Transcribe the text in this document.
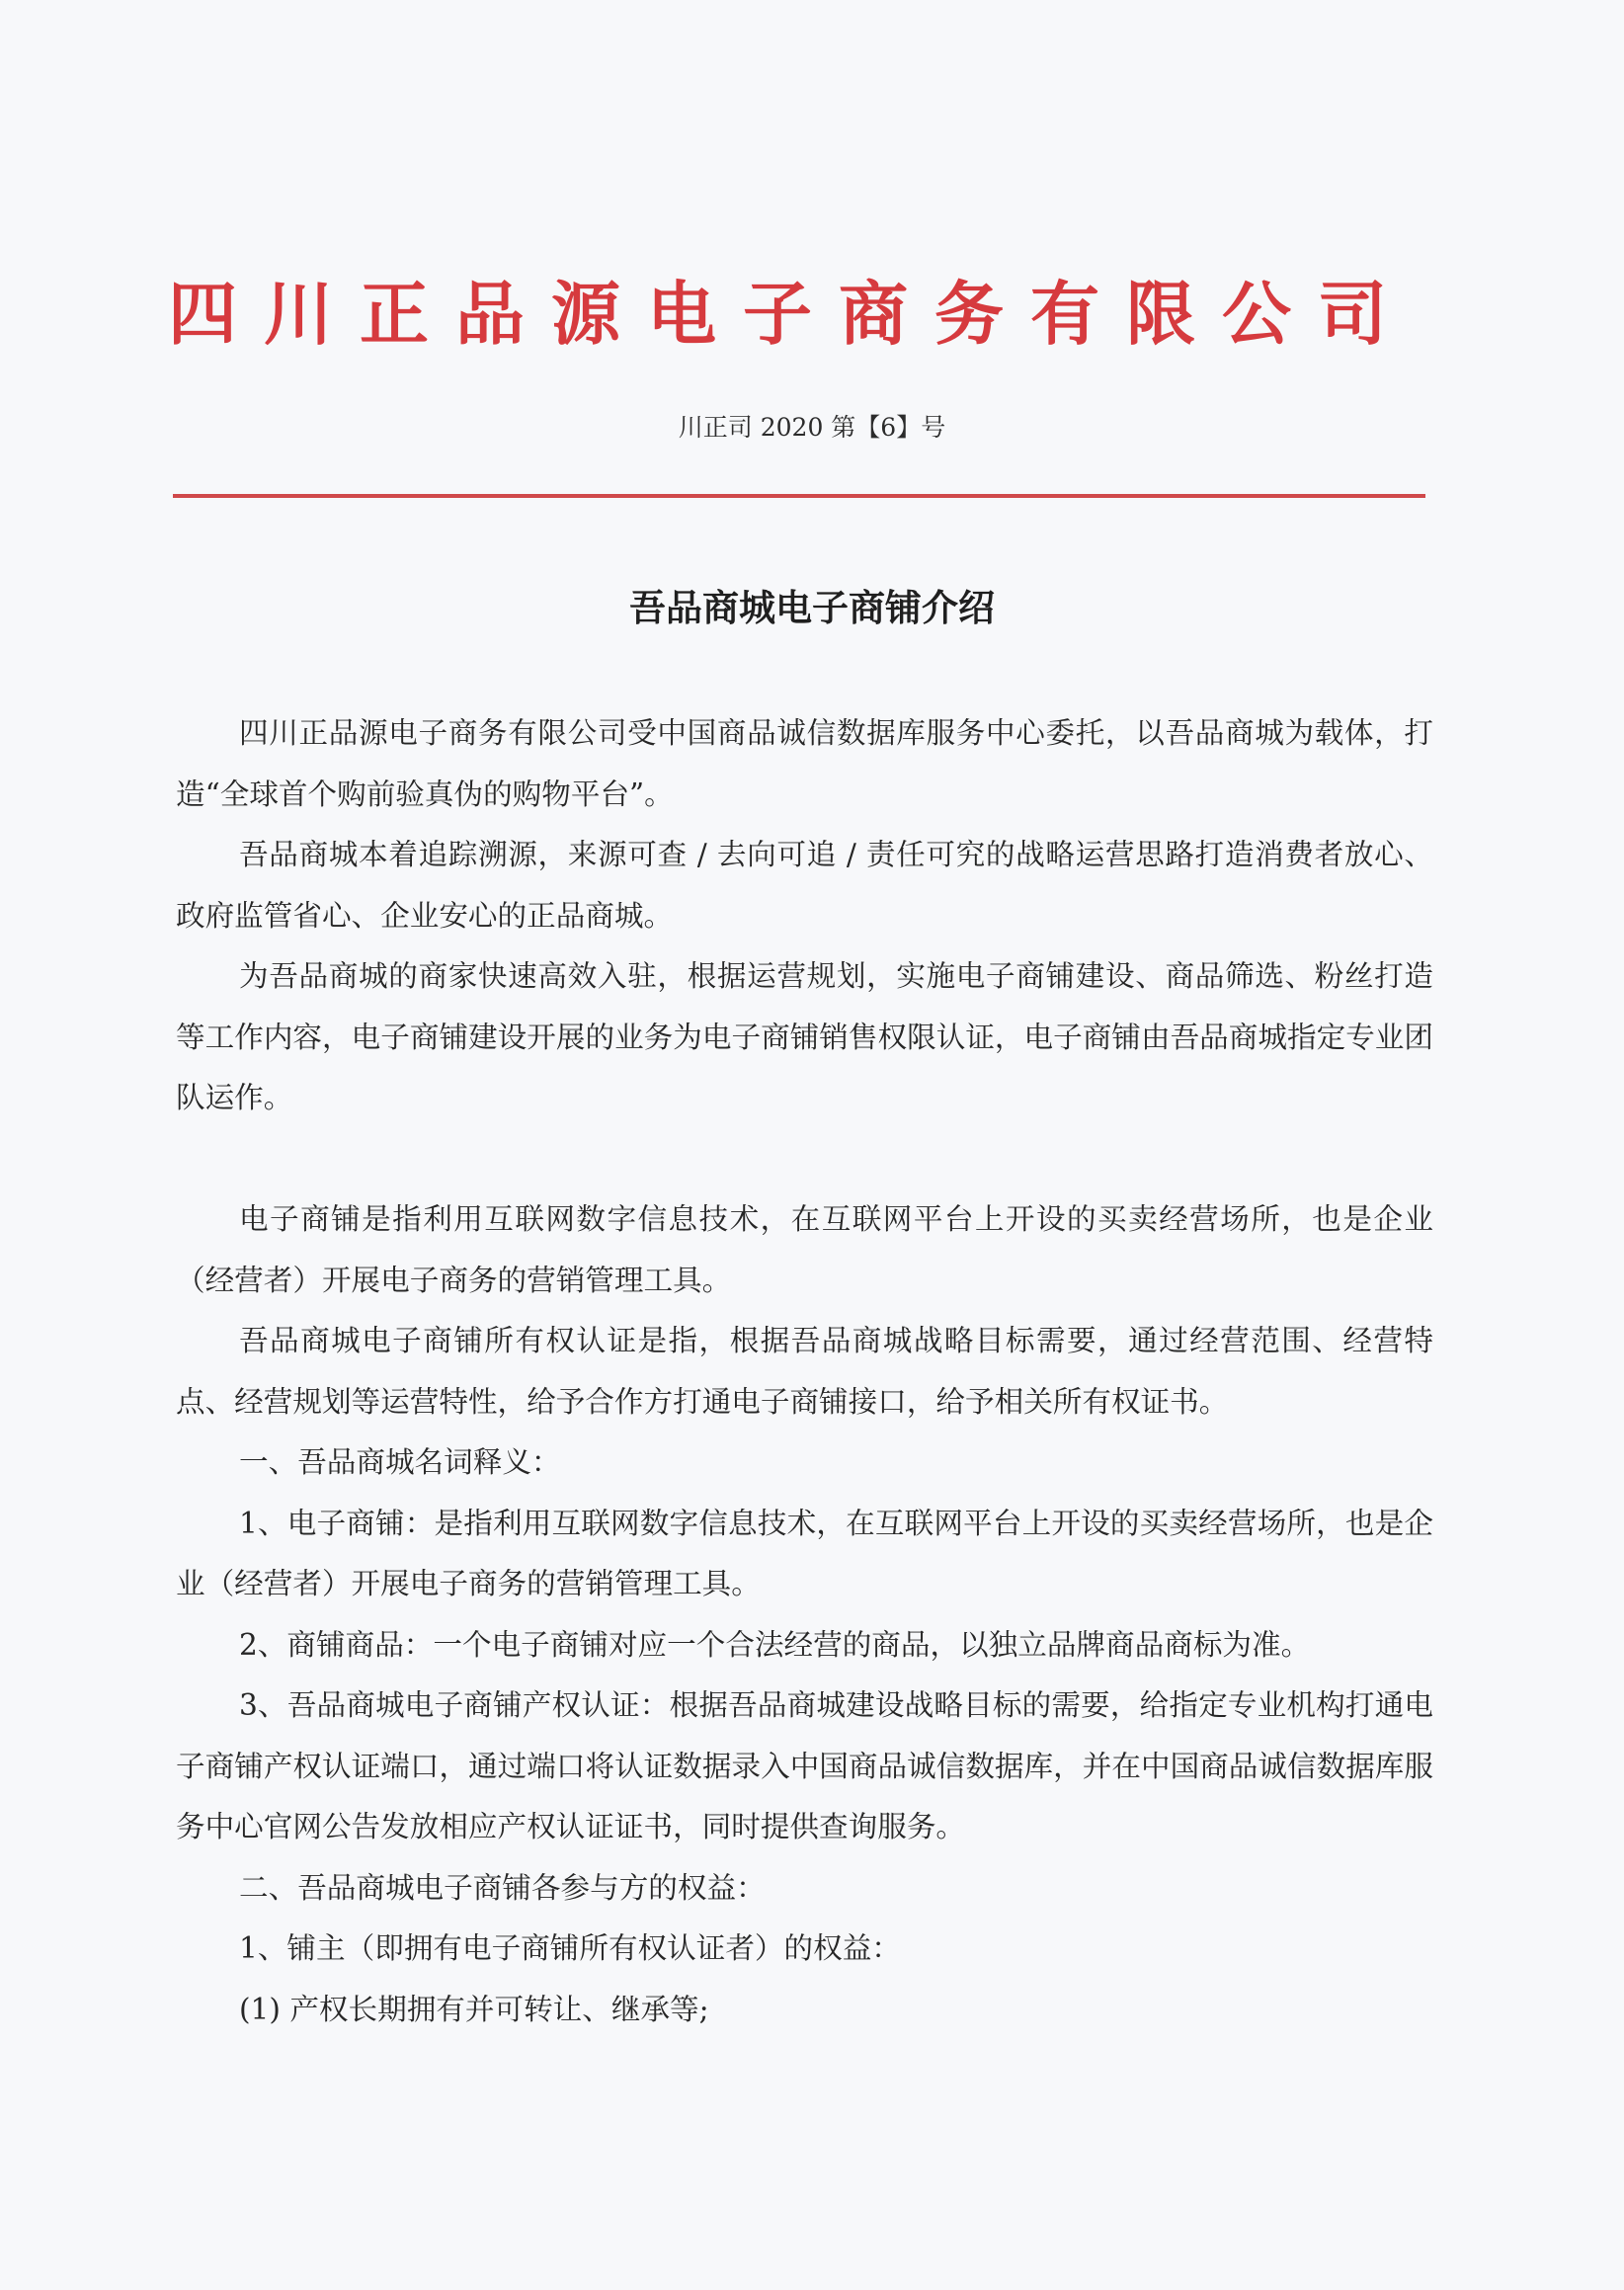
四川正品源电子商务有限公司
川正司 2020 第【6】号
吾品商城电子商铺介绍

四川正品源电子商务有限公司受中国商品诚信数据库服务中心委托，以吾品商城为载体，打造“全球首个购前验真伪的购物平台”。

吾品商城本着追踪溯源，来源可查 / 去向可追 / 责任可究的战略运营思路打造消费者放心、政府监管省心、企业安心的正品商城。

为吾品商城的商家快速高效入驻，根据运营规划，实施电子商铺建设、商品筛选、粉丝打造等工作内容，电子商铺建设开展的业务为电子商铺销售权限认证，电子商铺由吾品商城指定专业团队运作。

电子商铺是指利用互联网数字信息技术，在互联网平台上开设的买卖经营场所，也是企业（经营者）开展电子商务的营销管理工具。

吾品商城电子商铺所有权认证是指，根据吾品商城战略目标需要，通过经营范围、经营特点、经营规划等运营特性，给予合作方打通电子商铺接口，给予相关所有权证书。

一、吾品商城名词释义：

1、电子商铺：是指利用互联网数字信息技术，在互联网平台上开设的买卖经营场所，也是企业（经营者）开展电子商务的营销管理工具。

2、商铺商品：一个电子商铺对应一个合法经营的商品，以独立品牌商品商标为准。

3、吾品商城电子商铺产权认证：根据吾品商城建设战略目标的需要，给指定专业机构打通电子商铺产权认证端口，通过端口将认证数据录入中国商品诚信数据库，并在中国商品诚信数据库服务中心官网公告发放相应产权认证证书，同时提供查询服务。

二、吾品商城电子商铺各参与方的权益：

1、铺主（即拥有电子商铺所有权认证者）的权益：

(1) 产权长期拥有并可转让、继承等;
